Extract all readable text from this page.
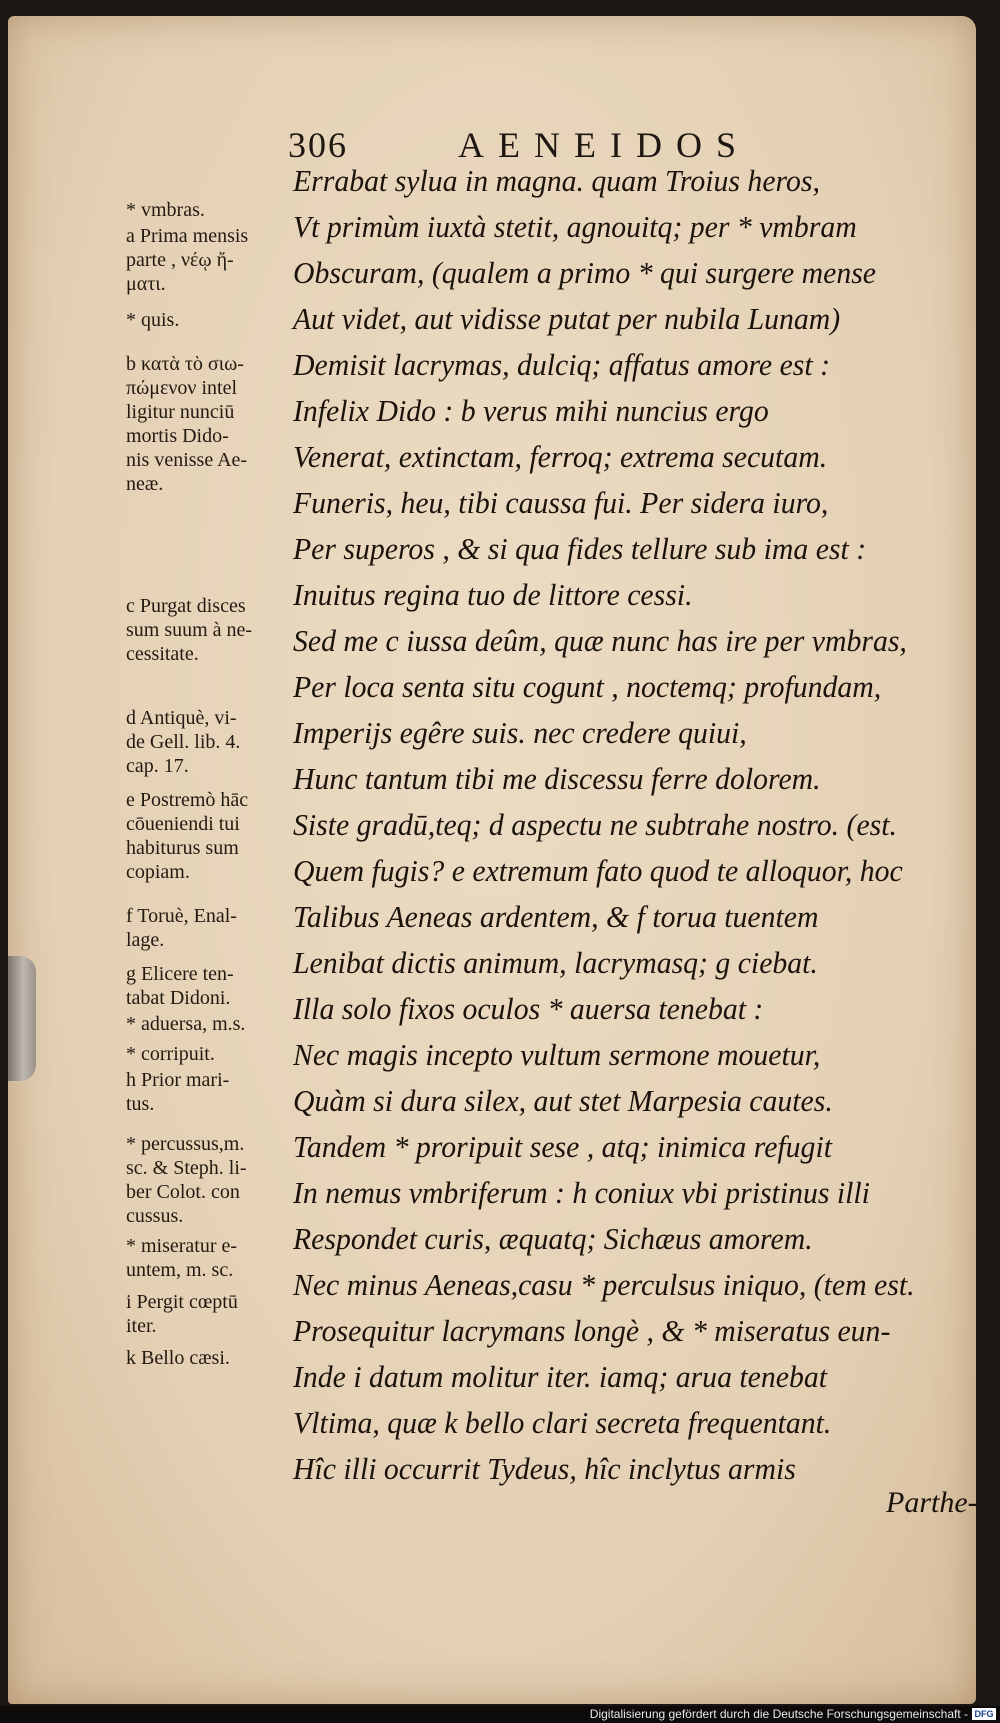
306	AENEIDOS
* vmbras.
a Prima mensis
parte , νέῳ ἤ-
ματι.
* quis.
b κατὰ τὸ σιω-
πώμενον intel
ligitur nunciū
mortis Dido-
nis venisse Ae-
neæ.
c Purgat disces
sum suum à ne-
cessitate.
d Antiquè, vi-
de Gell. lib. 4.
cap. 17.
e Postremò hāc
cōueniendi tui
habiturus sum
copiam.
f Toruè, Enal-
lage.
g Elicere ten-
tabat Didoni.
* aduersa, m.s.
* corripuit.
h Prior mari-
tus.
* percussus,m.
sc. & Steph. li-
ber Colot. con
cussus.
* miseratur e-
untem, m. sc.
i Pergit cœptū
iter.
k Bello cæsi.
Errabat sylua in magna. quam Troius heros,
Vt primùm iuxtà stetit, agnouitq; per * vmbram
Obscuram, (qualem a primo * qui surgere mense
Aut videt, aut vidisse putat per nubila Lunam)
Demisit lacrymas, dulciq; affatus amore est :
Infelix Dido : b verus mihi nuncius ergo
Venerat, extinctam, ferroq; extrema secutam.
Funeris, heu, tibi caussa fui. Per sidera iuro,
Per superos , & si qua fides tellure sub ima est :
Inuitus regina tuo de littore cessi.
Sed me c iussa deûm, quæ nunc has ire per vmbras,
Per loca senta situ cogunt , noctemq; profundam,
Imperijs egêre suis. nec credere quiui,
Hunc tantum tibi me discessu ferre dolorem.
Siste gradū,teq; d aspectu ne subtrahe nostro. (est.
Quem fugis? e extremum fato quod te alloquor, hoc
Talibus Aeneas ardentem, & f torua tuentem
Lenibat dictis animum, lacrymasq; g ciebat.
Illa solo fixos oculos * auersa tenebat :
Nec magis incepto vultum sermone mouetur,
Quàm si dura silex, aut stet Marpesia cautes.
Tandem * proripuit sese , atq; inimica refugit
In nemus vmbriferum : h coniux vbi pristinus illi
Respondet curis, æquatq; Sichæus amorem.
Nec minus Aeneas,casu * perculsus iniquo, (tem est.
Prosequitur lacrymans longè , & * miseratus eun-
Inde i datum molitur iter. iamq; arua tenebat
Vltima, quæ k bello clari secreta frequentant.
Hîc illi occurrit Tydeus, hîc inclytus armis
Parthe-
Digitalisierung gefördert durch die Deutsche Forschungsgemeinschaft - DFG
